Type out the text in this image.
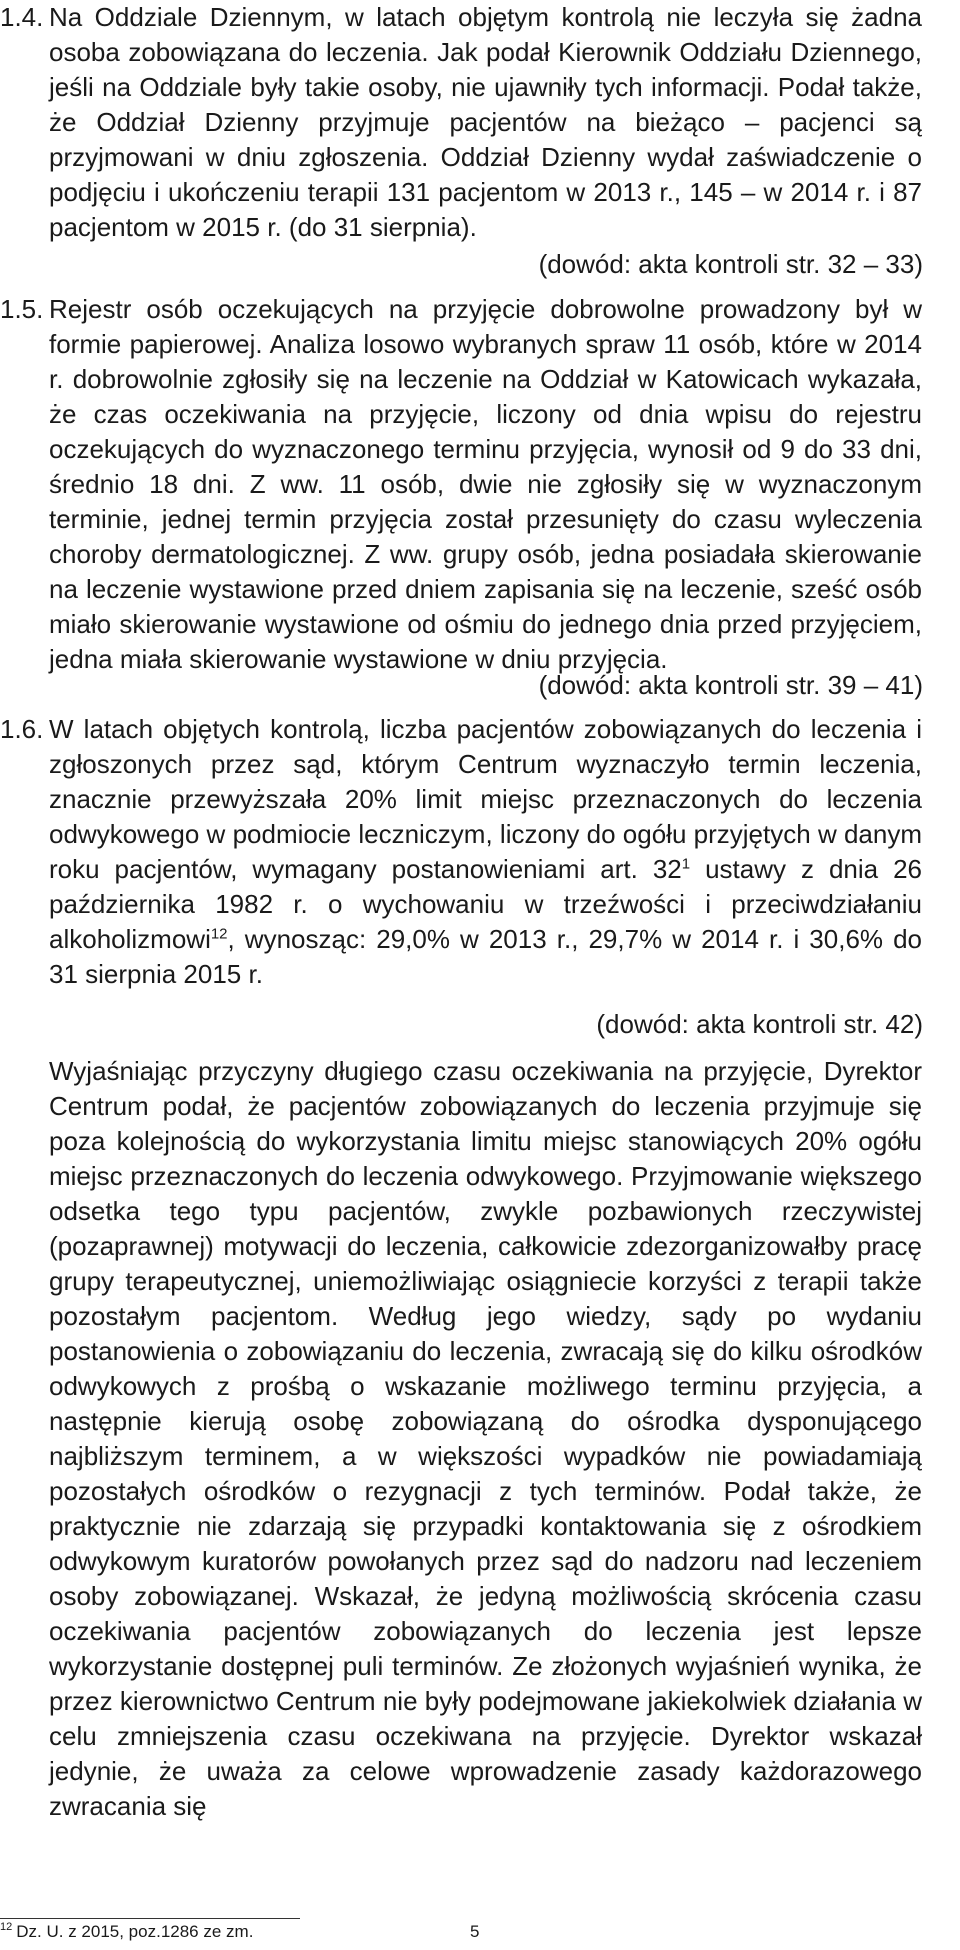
1.4. Na Oddziale Dziennym, w latach objętym kontrolą nie leczyła się żadna osoba zobowiązana do leczenia. Jak podał Kierownik Oddziału Dziennego, jeśli na Oddziale były takie osoby, nie ujawniły tych informacji. Podał także, że Oddział Dzienny przyjmuje pacjentów na bieżąco – pacjenci są przyjmowani w dniu zgłoszenia. Oddział Dzienny wydał zaświadczenie o podjęciu i ukończeniu terapii 131 pacjentom w 2013 r., 145 – w 2014 r. i 87 pacjentom w 2015 r. (do 31 sierpnia).

(dowód: akta kontroli str. 32 – 33)
1.5. Rejestr osób oczekujących na przyjęcie dobrowolne prowadzony był w formie papierowej. Analiza losowo wybranych spraw 11 osób, które w 2014 r. dobrowolnie zgłosiły się na leczenie na Oddział w Katowicach wykazała, że czas oczekiwania na przyjęcie, liczony od dnia wpisu do rejestru oczekujących do wyznaczonego terminu przyjęcia, wynosił od 9 do 33 dni, średnio 18 dni. Z ww. 11 osób, dwie nie zgłosiły się w wyznaczonym terminie, jednej termin przyjęcia został przesunięty do czasu wyleczenia choroby dermatologicznej. Z ww. grupy osób, jedna posiadała skierowanie na leczenie wystawione przed dniem zapisania się na leczenie, sześć osób miało skierowanie wystawione od ośmiu do jednego dnia przed przyjęciem, jedna miała skierowanie wystawione w dniu przyjęcia.

(dowód: akta kontroli str. 39 – 41)
1.6. W latach objętych kontrolą, liczba pacjentów zobowiązanych do leczenia i zgłoszonych przez sąd, którym Centrum wyznaczyło termin leczenia, znacznie przewyższała 20% limit miejsc przeznaczonych do leczenia odwykowego w podmiocie leczniczym, liczony do ogółu przyjętych w danym roku pacjentów, wymagany postanowieniami art. $32^1$ ustawy z dnia 26 października 1982 r. o wychowaniu w trzeźwości i przeciwdziałaniu alkoholizmowi$^{12}$, wynosząc: 29,0% w 2013 r., 29,7% w 2014 r. i 30,6% do 31 sierpnia 2015 r.

(dowód: akta kontroli str. 42)

Wyjaśniając przyczyny długiego czasu oczekiwania na przyjęcie, Dyrektor Centrum podał, że pacjentów zobowiązanych do leczenia przyjmuje się poza kolejnością do wykorzystania limitu miejsc stanowiących 20% ogółu miejsc przeznaczonych do leczenia odwykowego. Przyjmowanie większego odsetka tego typu pacjentów, zwykle pozbawionych rzeczywistej (pozaprawnej) motywacji do leczenia, całkowicie zdezorganizowałby pracę grupy terapeutycznej, uniemożliwiając osiągniecie korzyści z terapii także pozostałym pacjentom. Według jego wiedzy, sądy po wydaniu postanowienia o zobowiązaniu do leczenia, zwracają się do kilku ośrodków odwykowych z prośbą o wskazanie możliwego terminu przyjęcia, a następnie kierują osobę zobowiązaną do ośrodka dysponującego najbliższym terminem, a w większości wypadków nie powiadamiają pozostałych ośrodków o rezygnacji z tych terminów. Podał także, że praktycznie nie zdarzają się przypadki kontaktowania się z ośrodkiem odwykowym kuratorów powołanych przez sąd do nadzoru nad leczeniem osoby zobowiązanej. Wskazał, że jedyną możliwością skrócenia czasu oczekiwania pacjentów zobowiązanych do leczenia jest lepsze wykorzystanie dostępnej puli terminów. Ze złożonych wyjaśnień wynika, że przez kierownictwo Centrum nie były podejmowane jakiekolwiek działania w celu zmniejszenia czasu oczekiwana na przyjęcie. Dyrektor wskazał jedynie, że uważa za celowe wprowadzenie zasady każdorazowego zwracania się

$^{12}$ Dz. U. z 2015, poz.1286 ze zm.	5
